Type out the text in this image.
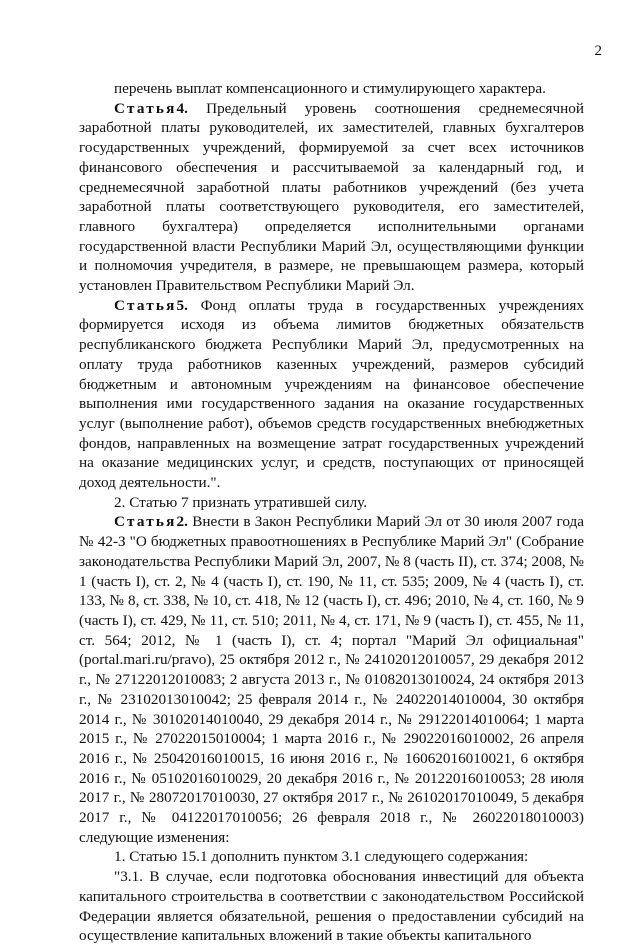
2

перечень выплат компенсационного и стимулирующего характера.

Статья4. Предельный уровень соотношения среднемесячной заработной платы руководителей, их заместителей, главных бухгалтеров государственных учреждений, формируемой за счет всех источников финансового обеспечения и рассчитываемой за календарный год, и среднемесячной заработной платы работников учреждений (без учета заработной платы соответствующего руководителя, его заместителей, главного бухгалтера) определяется исполнительными органами государственной власти Республики Марий Эл, осуществляющими функции и полномочия учредителя, в размере, не превышающем размера, который установлен Правительством Республики Марий Эл.

Статья5. Фонд оплаты труда в государственных учреждениях формируется исходя из объема лимитов бюджетных обязательств республиканского бюджета Республики Марий Эл, предусмотренных на оплату труда работников казенных учреждений, размеров субсидий бюджетным и автономным учреждениям на финансовое обеспечение выполнения ими государственного задания на оказание государственных услуг (выполнение работ), объемов средств государственных внебюджетных фондов, направленных на возмещение затрат государственных учреждений на оказание медицинских услуг, и средств, поступающих от приносящей доход деятельности.".

2. Статью 7 признать утратившей силу.

Статья2. Внести в Закон Республики Марий Эл от 30 июля 2007 года № 42-З "О бюджетных правоотношениях в Республике Марий Эл" (Собрание законодательства Республики Марий Эл, 2007, № 8 (часть II), ст. 374; 2008, № 1 (часть I), ст. 2, № 4 (часть I), ст. 190, № 11, ст. 535; 2009, № 4 (часть I), ст. 133, № 8, ст. 338, № 10, ст. 418, № 12 (часть I), ст. 496; 2010, № 4, ст. 160, № 9 (часть I), ст. 429, № 11, ст. 510; 2011, № 4, ст. 171, № 9 (часть I), ст. 455, № 11, ст. 564; 2012, № 1 (часть I), ст. 4; портал "Марий Эл официальная" (portal.mari.ru/pravo), 25 октября 2012 г., № 24102012010057, 29 декабря 2012 г., № 27122012010083; 2 августа 2013 г., № 01082013010024, 24 октября 2013 г., № 23102013010042; 25 февраля 2014 г., № 24022014010004, 30 октября 2014 г., № 30102014010040, 29 декабря 2014 г., № 29122014010064; 1 марта 2015 г., № 27022015010004; 1 марта 2016 г., № 29022016010002, 26 апреля 2016 г., № 25042016010015, 16 июня 2016 г., № 16062016010021, 6 октября 2016 г., № 05102016010029, 20 декабря 2016 г., № 20122016010053; 28 июля 2017 г., № 28072017010030, 27 октября 2017 г., № 26102017010049, 5 декабря 2017 г., № 04122017010056; 26 февраля 2018 г., № 26022018010003) следующие изменения:

1. Статью 15.1 дополнить пунктом 3.1 следующего содержания:

"3.1. В случае, если подготовка обоснования инвестиций для объекта капитального строительства в соответствии с законодательством Российской Федерации является обязательной, решения о предоставлении субсидий на осуществление капитальных вложений в такие объекты капитального
